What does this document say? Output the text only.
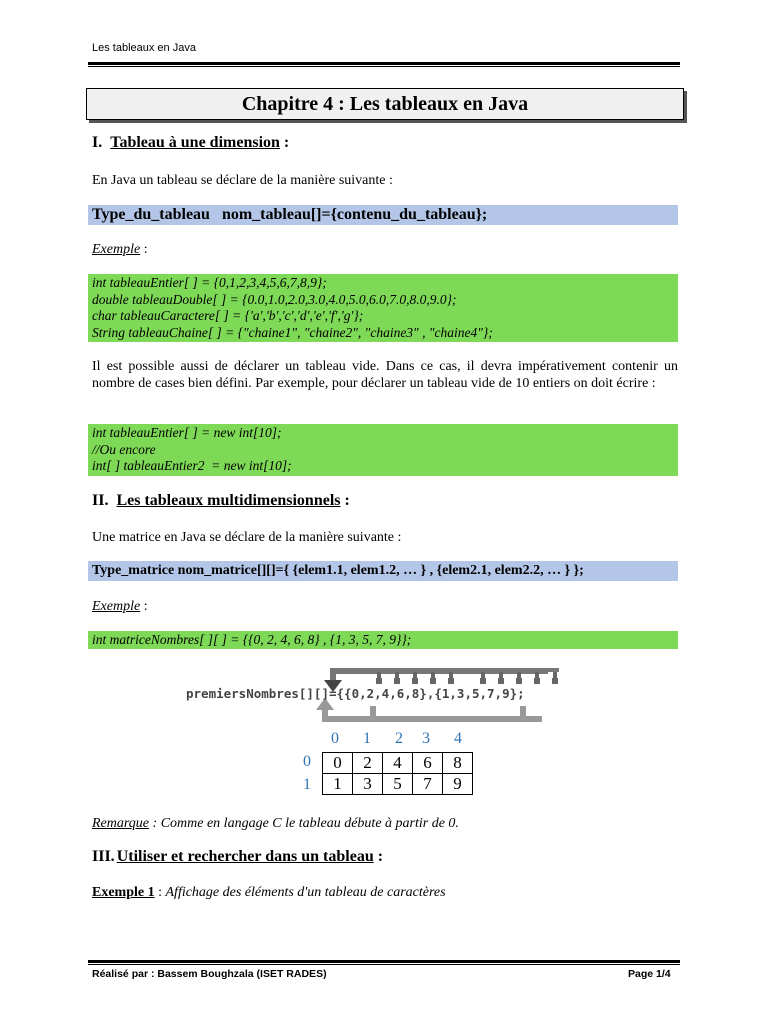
Les tableaux en Java
Chapitre 4 : Les tableaux en Java
I. Tableau à une dimension :
En Java un tableau se déclare de la manière suivante :
Type_du_tableau   nom_tableau[]={contenu_du_tableau};
Exemple :
int tableauEntier[ ] = {0,1,2,3,4,5,6,7,8,9};
double tableauDouble[ ] = {0.0,1.0,2.0,3.0,4.0,5.0,6.0,7.0,8.0,9.0};
char tableauCaractere[ ] = {'a','b','c','d','e','f','g'};
String tableauChaine[ ] = {"chaine1", "chaine2", "chaine3" , "chaine4"};
Il est possible aussi de déclarer un tableau vide. Dans ce cas, il devra impérativement contenir un nombre de cases bien défini. Par exemple, pour déclarer un tableau vide de 10 entiers on doit écrire :
int tableauEntier[ ] = new int[10];
//Ou encore
int[ ] tableauEntier2  = new int[10];
II. Les tableaux multidimensionnels :
Une matrice en Java se déclare de la manière suivante :
Type_matrice nom_matrice[][]={ {elem1.1, elem1.2, … } , {elem2.1, elem2.2, … } };
Exemple :
int matriceNombres[ ][ ] = {{0, 2, 4, 6, 8} , {1, 3, 5, 7, 9}};
premiersNombres[][]={{0,2,4,6,8},{1,3,5,7,9};
0 1 2 3 4
0
1
0	2	4	6	8
1	3	5	7	9
Remarque : Comme en langage C le tableau débute à partir de 0.
III. Utiliser et rechercher dans un tableau :
Exemple 1 : Affichage des éléments d'un tableau de caractères
Réalisé par : Bassem Boughzala (ISET RADES)	Page 1/4
